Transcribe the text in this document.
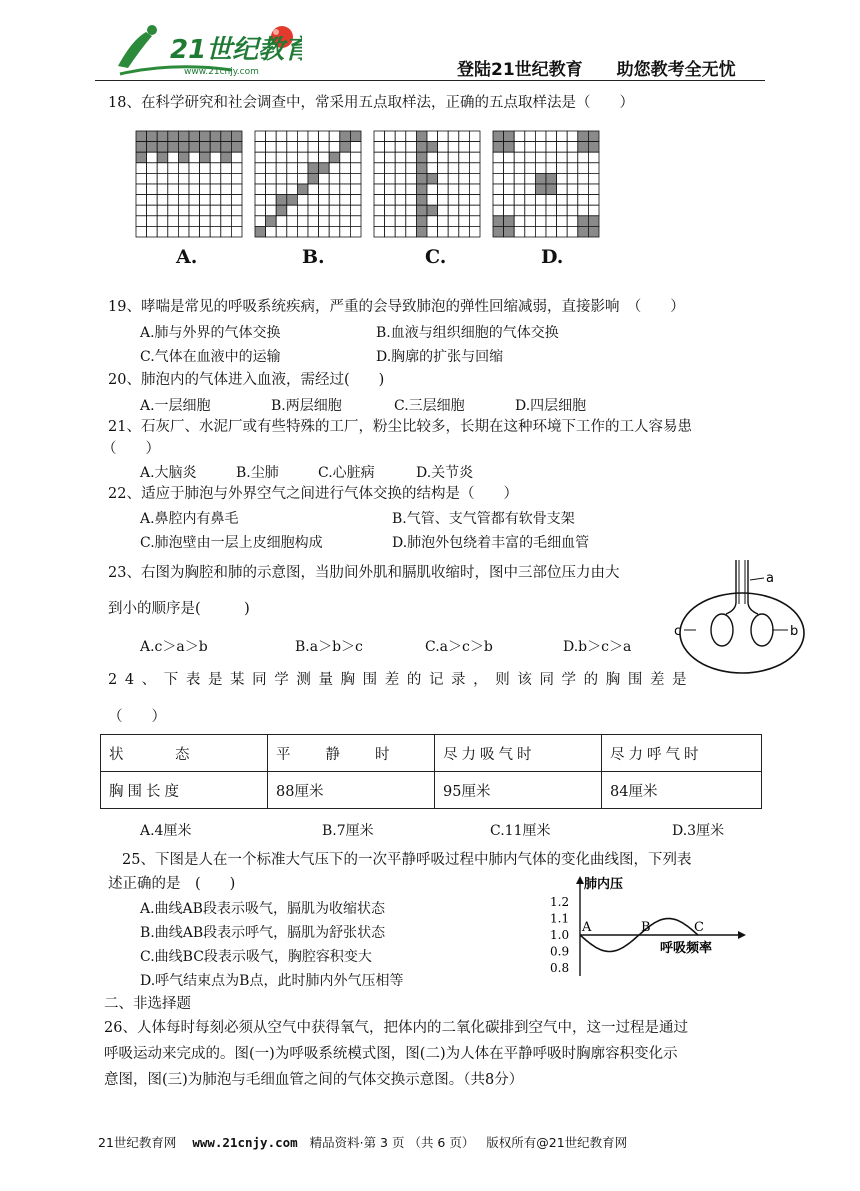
21世纪教育
www.21cnjy.com	登陆21世纪教育 助您教考全无忧
18、在科学研究和社会调查中，常采用五点取样法，正确的五点取样法是（　　）
A.	B.	C.	D.
19、哮喘是常见的呼吸系统疾病，严重的会导致肺泡的弹性回缩减弱，直接影响　（　　）
A.肺与外界的气体交换	B.血液与组织细胞的气体交换
C.气体在血液中的运输	D.胸廓的扩张与回缩
20、肺泡内的气体进入血液，需经过(　　)
A.一层细胞	B.两层细胞	C.三层细胞	D.四层细胞
21、石灰厂、水泥厂或有些特殊的工厂，粉尘比较多，长期在这种环境下工作的工人容易患
（　　）
A.大脑炎	B.尘肺	C.心脏病	D.关节炎
22、适应于肺泡与外界空气之间进行气体交换的结构是（　　）
A.鼻腔内有鼻毛	B.气管、支气管都有软骨支架
C.肺泡壁由一层上皮细胞构成	D.肺泡外包绕着丰富的毛细血管
23、右图为胸腔和肺的示意图，当肋间外肌和膈肌收缩时，图中三部位压力由大
到小的顺序是(　　　)
A.c＞a＞b	B.a＞b＞c	C.a＞c＞b	D.b＞c＞a
a
b
c
24、下表是某同学测量胸围差的记录，则该同学的胸围差是
（　　）
状　　　态	平　　静　　时	尽力吸气时	尽力呼气时
胸围长度	88厘米	95厘米	84厘米
A.4厘米	B.7厘米	C.11厘米	D.3厘米
25、下图是人在一个标准大气压下的一次平静呼吸过程中肺内气体的变化曲线图，下列表
述正确的是　(　　)
A.曲线AB段表示吸气，膈肌为收缩状态
B.曲线AB段表示呼气，膈肌为舒张状态
C.曲线BC段表示吸气，胸腔容积变大
D.呼气结束点为B点，此时肺内外气压相等
肺内压
呼吸频率
1.2
1.1
1.0
0.9
0.8
A	B	C
二、非选择题
26、人体每时每刻必须从空气中获得氧气，把体内的二氧化碳排到空气中，这一过程是通过
呼吸运动来完成的。图(一)为呼吸系统模式图，图(二)为人体在平静呼吸时胸廓容积变化示
意图，图(三)为肺泡与毛细血管之间的气体交换示意图。（共8分）
21世纪教育网 www.21cnjy.com 精品资料·第 3 页 （共 6 页） 版权所有@21世纪教育网
